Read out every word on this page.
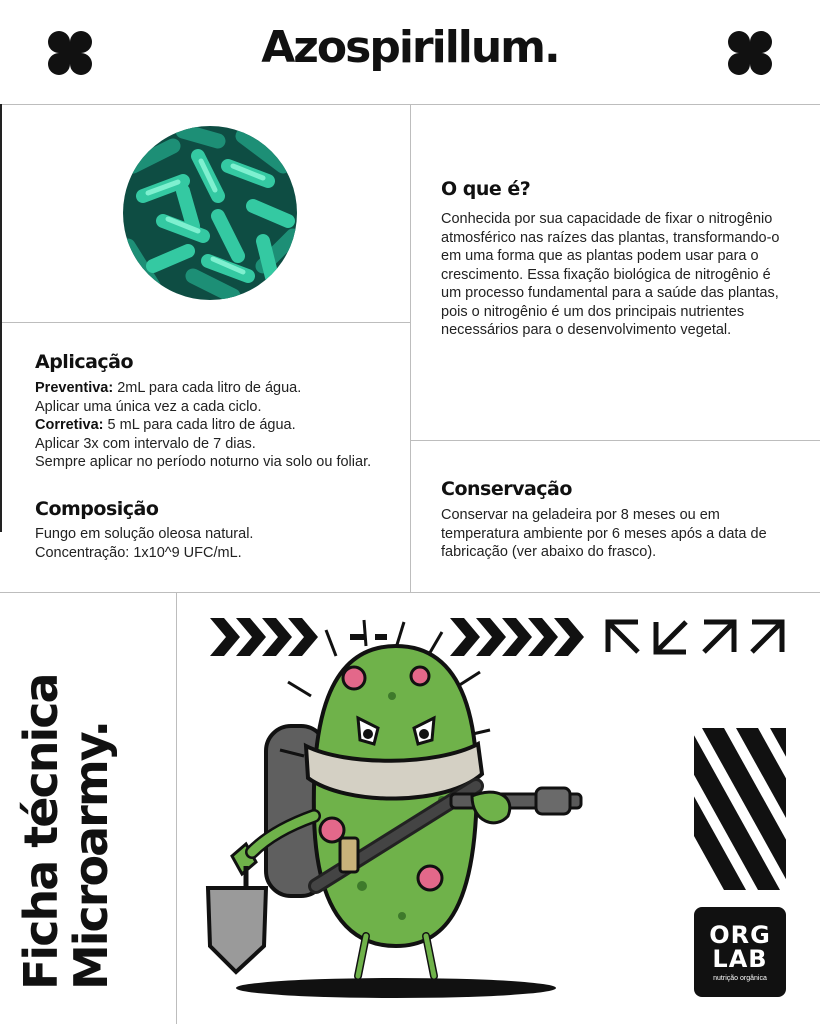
Azospirillum.
O que é?

Conhecida por sua capacidade de fixar o nitrogênio atmosférico nas raízes das plantas, transformando-o em uma forma que as plantas podem usar para o crescimento. Essa fixação biológica de nitrogênio é um processo fundamental para a saúde das plantas, pois o nitrogênio é um dos principais nutrientes necessários para o desenvolvimento vegetal.

Aplicação

Preventiva: 2mL para cada litro de água.

Aplicar uma única vez a cada ciclo.

Corretiva: 5 mL para cada litro de água.

Aplicar 3x com intervalo de 7 dias.

Sempre aplicar no período noturno via solo ou foliar.

Composição

Fungo em solução oleosa natural.

Concentração: 1x10^9 UFC/mL.

Conservação

Conservar na geladeira por 8 meses ou em temperatura ambiente por 6 meses após a data de fabricação (ver abaixo do frasco).

Ficha técnica
Microarmy.	ORG
LAB
nutrição orgânica
